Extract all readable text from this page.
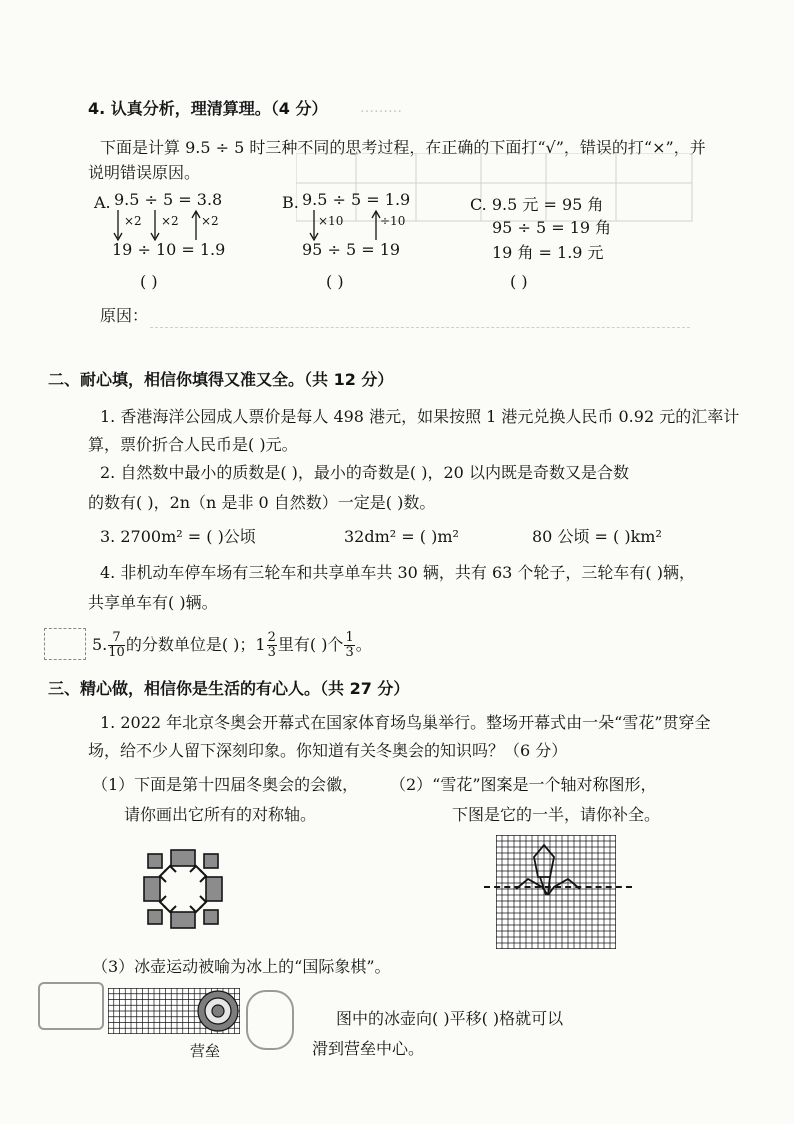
………
4. 认真分析，理清算理。（4 分）
下面是计算 9.5 ÷ 5 时三种不同的思考过程，在正确的下面打“√”，错误的打“×”，并
说明错误原因。
A. 9.5 ÷ 5 = 3.8
×2 ×2 ×2
19 ÷ 10 = 1.9
B. 9.5 ÷ 5 = 1.9
×10	÷10
95 ÷ 5 = 19
C. 9.5 元 = 95 角
95 ÷ 5 = 19 角
19 角 = 1.9 元
( )	( )	( )
原因：
二、耐心填，相信你填得又准又全。（共 12 分）
1. 香港海洋公园成人票价是每人 498 港元，如果按照 1 港元兑换人民币 0.92 元的汇率计
算，票价折合人民币是( )元。
2. 自然数中最小的质数是( )，最小的奇数是( )，20 以内既是奇数又是合数
的数有( )，2n（n 是非 0 自然数）一定是( )数。
3. 2700m² = ( )公顷	32dm² = ( )m²	80 公顷 = ( )km²
4. 非机动车停车场有三轮车和共享单车共 30 辆，共有 63 个轮子，三轮车有( )辆，
共享单车有( )辆。
5. $\frac{7}{10}$ 的分数单位是( )；$1 \frac{2}{3}$ 里有( )个 $\frac{1}{3}$ 。
三、精心做，相信你是生活的有心人。（共 27 分）
1. 2022 年北京冬奥会开幕式在国家体育场鸟巢举行。整场开幕式由一朵“雪花”贯穿全
场，给不少人留下深刻印象。你知道有关冬奥会的知识吗？（6 分）
（1）下面是第十四届冬奥会的会徽，
请你画出它所有的对称轴。
（2）“雪花”图案是一个轴对称图形，
下图是它的一半，请你补全。
（3）冰壶运动被喻为冰上的“国际象棋”。
营垒
图中的冰壶向( )平移( )格就可以
滑到营垒中心。
